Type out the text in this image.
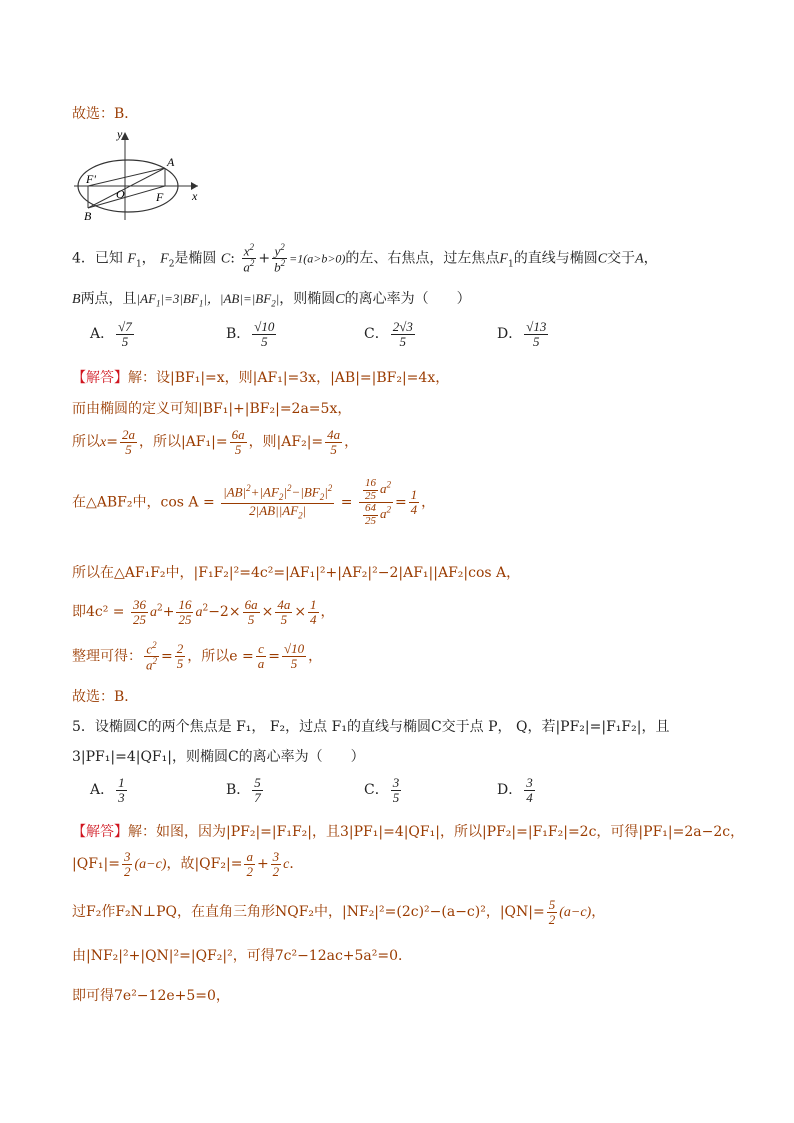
故选：B．
y
x
A
B
O	F
F'
4．已知 $F_1$， $F_2$是椭圆 C: $\frac{x^2}{a^2} + \frac{y^2}{b^2} =1(a>b>0)$的左、右焦点，过左焦点$F_1$的直线与椭圆C交于A，
B两点，且$|AF_1|=3|BF_1|$，$|AB|=|BF_2|$，则椭圆C的离心率为（　　）
A． $\frac{√7}{5}$	B． $\frac{√10}{5}$	C． $\frac{2√3}{5}$	D． $\frac{√13}{5}$
【解答】解：设|BF₁|=x，则|AF₁|=3x，|AB|=|BF₂|=4x，
而由椭圆的定义可知|BF₁|+|BF₂|=2a=5x，
所以$x= \frac{2a}{5}$ ，所以$|AF_1|= \frac{6a}{5}$ ，则$|AF_2|= \frac{4a}{5}$ ，
在△ABF₂中，$\cos A = \frac{|AB|^2+|AF_2|^2-|BF_2|^2}{2|AB||AF_2|} = \frac{\frac{16}{25} a^2}{\frac{64}{25} a^2} = \frac{1}{4}$ ，
所以在△AF₁F₂中，|F₁F₂|²=4c²=|AF₁|²+|AF₂|²−2|AF₁||AF₂|cos A，
即$4c^2 = \frac{36}{25} a^2+ \frac{16}{25} a^2-2\times \frac{6a}{5} \times \frac{4a}{5} \times \frac{1}{4}$ ，
整理可得： $\frac{c^2}{a^2} = \frac{2}{5}$ ，所以$e = \frac{c}{a} = \frac{√10}{5}$ ，
故选：B．
5．设椭圆C的两个焦点是 F₁， F₂，过点 F₁的直线与椭圆C交于点 P， Q，若|PF₂|=|F₁F₂|，且
3|PF₁|=4|QF₁|，则椭圆C的离心率为（　　）
A． $\frac{1}{3}$	B． $\frac{5}{7}$	C． $\frac{3}{5}$	D． $\frac{3}{4}$
【解答】解：如图，因为|PF₂|=|F₁F₂|，且3|PF₁|=4|QF₁|，所以|PF₂|=|F₁F₂|=2c，可得|PF₁|=2a−2c，
$|QF_1|= \frac{3}{2} (a-c)$，故$|QF_2|= \frac{a}{2} + \frac{3}{2}$ c．
过F₂作F₂N⊥PQ，在直角三角形NQF₂中，|NF₂|²=(2c)²−(a−c)²，$|QN|= \frac{5}{2} (a-c)$，
由|NF₂|²+|QN|²=|QF₂|²，可得7c²−12ac+5a²=0．
即可得7e²−12e+5=0，
